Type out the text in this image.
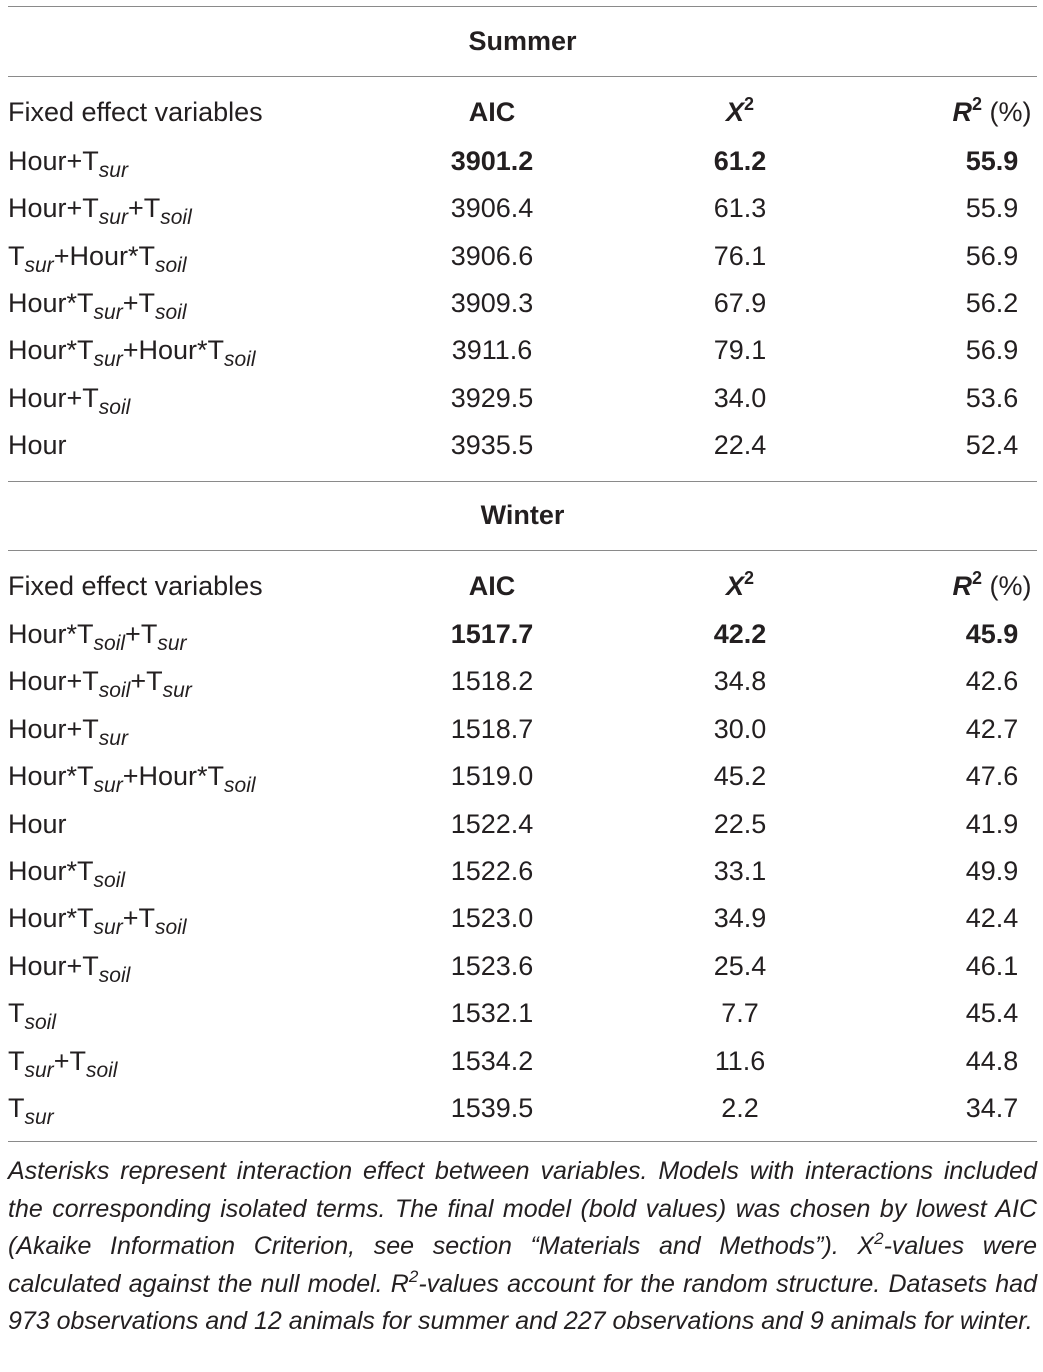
Summer
Fixed effect variables	AIC	$X^2$	$R^2$ (%)
$Hour+T_{sur}$	3901.2	61.2	55.9
$Hour+T_{sur}+T_{soil}$	3906.4	61.3	55.9
$T_{sur}+Hour*T_{soil}$	3906.6	76.1	56.9
$Hour*T_{sur}+T_{soil}$	3909.3	67.9	56.2
$Hour*T_{sur}+Hour*T_{soil}$	3911.6	79.1	56.9
$Hour+T_{soil}$	3929.5	34.0	53.6
Hour	3935.5	22.4	52.4
Winter
Fixed effect variables	AIC	$X^2$	$R^2$ (%)
$Hour*T_{soil}+T_{sur}$	1517.7	42.2	45.9
$Hour+T_{soil}+T_{sur}$	1518.2	34.8	42.6
$Hour+T_{sur}$	1518.7	30.0	42.7
$Hour*T_{sur}+Hour*T_{soil}$	1519.0	45.2	47.6
Hour	1522.4	22.5	41.9
$Hour*T_{soil}$	1522.6	33.1	49.9
$Hour*T_{sur}+T_{soil}$	1523.0	34.9	42.4
$Hour+T_{soil}$	1523.6	25.4	46.1
$T_{soil}$	1532.1	7.7	45.4
$T_{sur}+T_{soil}$	1534.2	11.6	44.8
$T_{sur}$	1539.5	2.2	34.7
Asterisks represent interaction effect between variables. Models with interactions included the corresponding isolated terms. The final model (bold values) was chosen by lowest AIC (Akaike Information Criterion, see section “Materials and Methods”). $X^2$-values were calculated against the null model. $R^2$-values account for the random structure. Datasets had 973 observations and 12 animals for summer and 227 observations and 9 animals for winter.
